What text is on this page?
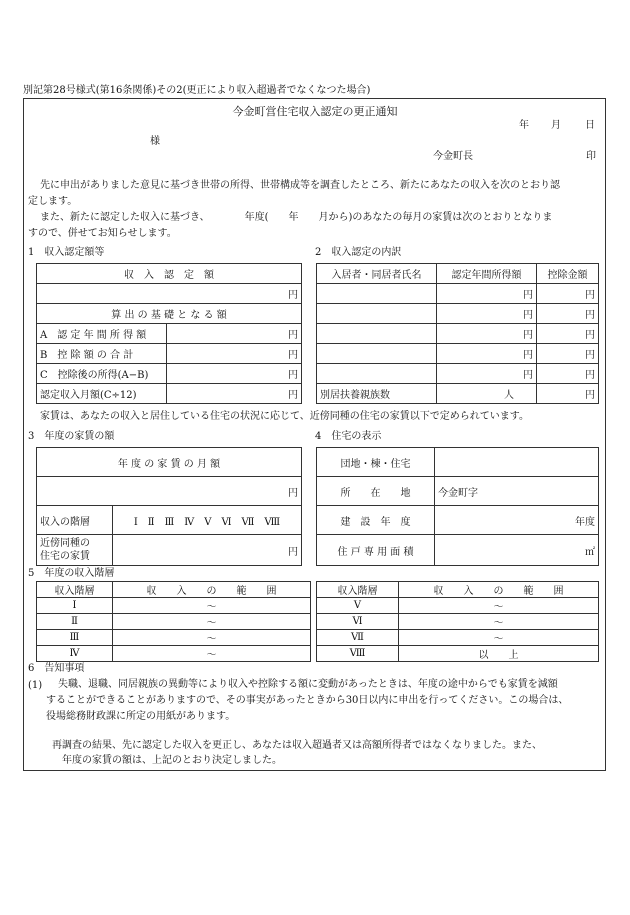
別記第28号様式(第16条関係)その2(更正により収入超過者でなくなつた場合)
今金町営住宅収入認定の更正通知
年 月 日
様
今金町長	印
先に申出がありました意見に基づき世帯の所得、世帯構成等を調査したところ、新たにあなたの収入を次のとおり認
定します。
また、新たに認定した収入に基づき、　　　　年度(　　年　　月から)のあなたの毎月の家賃は次のとおりとなりま
すので、併せてお知らせします。
1　収入認定額等
収　入　認　定　額	
円	
算 出 の 基 礎 と な る 額	
A　認 定 年 間 所 得 額	円
B　控 除 額 の 合 計	円
C　控除後の所得(A−B)	円
認定収入月額(C÷12)	円
2　収入認定の内訳
入居者・同居者氏名	認定年間所得額	控除金額
	円	円
	円	円
	円	円
	円	円
	円	円
別居扶養親族数	人	円
家賃は、あなたの収入と居住している住宅の状況に応じて、近傍同種の住宅の家賃以下で定められています。
3　年度の家賃の額
年 度 の 家 賃 の 月 額	
円	
収入の階層	Ⅰ　Ⅱ　Ⅲ　Ⅳ　Ⅴ　Ⅵ　Ⅶ　Ⅷ

近傍同種の
住宅の家賃	円
4　住宅の表示
団地・棟・住宅	
所　　在　　地	今金町字
建　設　年　度	年度
住 戸 専 用 面 積	㎡
5　年度の収入階層
収入階層	収　　入　　の　　範　　囲
Ⅰ	〜
Ⅱ	〜
Ⅲ	〜
Ⅳ	〜
収入階層	収　　入　　の　　範　　囲
Ⅴ	〜
Ⅵ	〜
Ⅶ	〜
Ⅷ	以　　上
6　告知事項
(1) 失職、退職、同居親族の異動等により収入や控除する額に変動があったときは、年度の途中からでも家賃を減額
することができることがありますので、その事実があったときから30日以内に申出を行ってください。この場合は、
役場総務財政課に所定の用紙があります。
再調査の結果、先に認定した収入を更正し、あなたは収入超過者又は高額所得者ではなくなりました。また、
年度の家賃の額は、上記のとおり決定しました。
